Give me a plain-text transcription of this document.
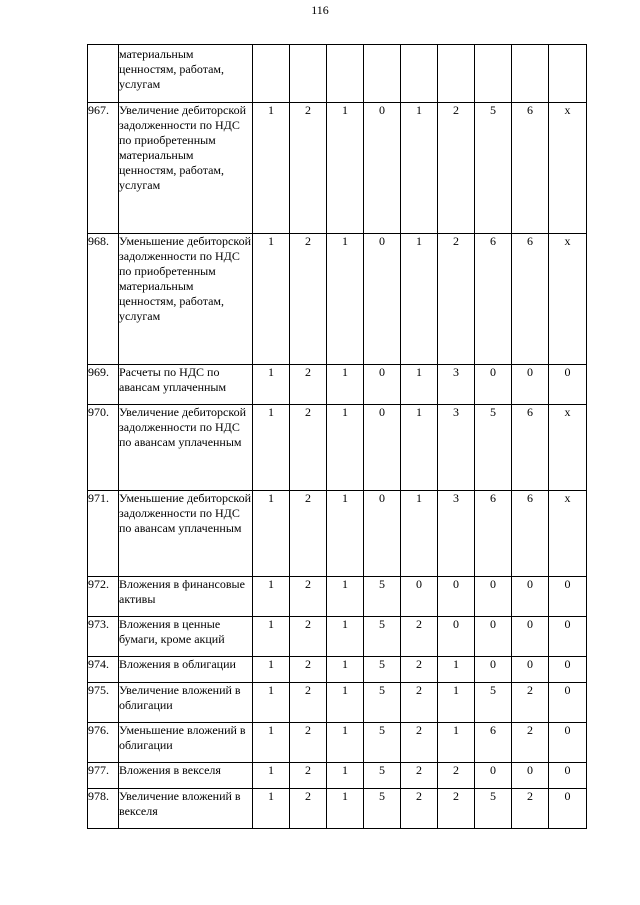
116
	материальным ценностям, работам, услугам									
967.	Увеличение дебиторской задолженности по НДС по приобретенным материальным ценностям, работам, услугам	1	2	1	0	1	2	5	6	х
968.	Уменьшение дебиторской задолженности по НДС по приобретенным материальным ценностям, работам, услугам	1	2	1	0	1	2	6	6	х
969.	Расчеты по НДС по авансам уплаченным	1	2	1	0	1	3	0	0	0
970.	Увеличение дебиторской задолженности по НДС по авансам уплаченным	1	2	1	0	1	3	5	6	х
971.	Уменьшение дебиторской задолженности по НДС по авансам уплаченным	1	2	1	0	1	3	6	6	х
972.	Вложения в финансовые активы	1	2	1	5	0	0	0	0	0
973.	Вложения в ценные бумаги, кроме акций	1	2	1	5	2	0	0	0	0
974.	Вложения в облигации	1	2	1	5	2	1	0	0	0
975.	Увеличение вложений в облигации	1	2	1	5	2	1	5	2	0
976.	Уменьшение вложений в облигации	1	2	1	5	2	1	6	2	0
977.	Вложения в векселя	1	2	1	5	2	2	0	0	0
978.	Увеличение вложений в векселя	1	2	1	5	2	2	5	2	0
